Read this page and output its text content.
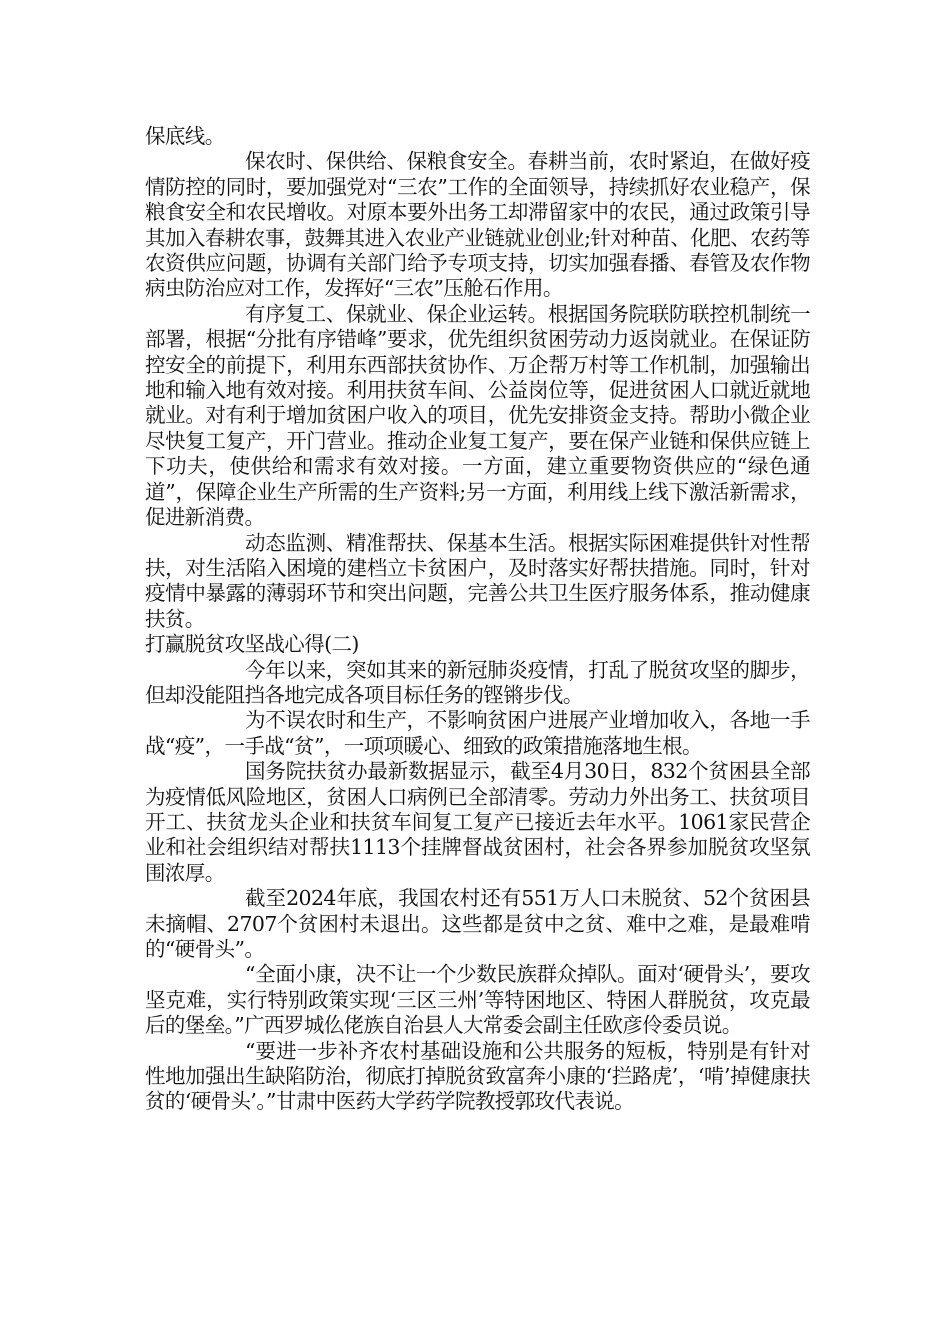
保底线。

保农时、保供给、保粮食安全。春耕当前，农时紧迫，在做好疫情防控的同时，要加强党对“三农”工作的全面领导，持续抓好农业稳产，保粮食安全和农民增收。对原本要外出务工却滞留家中的农民，通过政策引导其加入春耕农事，鼓舞其进入农业产业链就业创业;针对种苗、化肥、农药等农资供应问题，协调有关部门给予专项支持，切实加强春播、春管及农作物病虫防治应对工作，发挥好“三农”压舱石作用。

有序复工、保就业、保企业运转。根据国务院联防联控机制统一部署，根据“分批有序错峰”要求，优先组织贫困劳动力返岗就业。在保证防控安全的前提下，利用东西部扶贫协作、万企帮万村等工作机制，加强输出地和输入地有效对接。利用扶贫车间、公益岗位等，促进贫困人口就近就地就业。对有利于增加贫困户收入的项目，优先安排资金支持。帮助小微企业尽快复工复产，开门营业。推动企业复工复产，要在保产业链和保供应链上下功夫，使供给和需求有效对接。一方面，建立重要物资供应的“绿色通道”，保障企业生产所需的生产资料;另一方面，利用线上线下激活新需求，促进新消费。

动态监测、精准帮扶、保基本生活。根据实际困难提供针对性帮扶，对生活陷入困境的建档立卡贫困户，及时落实好帮扶措施。同时，针对疫情中暴露的薄弱环节和突出问题，完善公共卫生医疗服务体系，推动健康扶贫。

打赢脱贫攻坚战心得(二)

今年以来，突如其来的新冠肺炎疫情，打乱了脱贫攻坚的脚步，但却没能阻挡各地完成各项目标任务的铿锵步伐。

为不误农时和生产，不影响贫困户进展产业增加收入，各地一手战“疫”，一手战“贫”，一项项暖心、细致的政策措施落地生根。

国务院扶贫办最新数据显示，截至4月30日，832个贫困县全部为疫情低风险地区，贫困人口病例已全部清零。劳动力外出务工、扶贫项目开工、扶贫龙头企业和扶贫车间复工复产已接近去年水平。1061家民营企业和社会组织结对帮扶1113个挂牌督战贫困村，社会各界参加脱贫攻坚氛围浓厚。

截至2024年底，我国农村还有551万人口未脱贫、52个贫困县未摘帽、2707个贫困村未退出。这些都是贫中之贫、难中之难，是最难啃的“硬骨头”。

“全面小康，决不让一个少数民族群众掉队。面对‘硬骨头’，要攻坚克难，实行特别政策实现‘三区三州’等特困地区、特困人群脱贫，攻克最后的堡垒。”广西罗城仫佬族自治县人大常委会副主任欧彦伶委员说。

“要进一步补齐农村基础设施和公共服务的短板，特别是有针对性地加强出生缺陷防治，彻底打掉脱贫致富奔小康的‘拦路虎’，‘啃’掉健康扶贫的‘硬骨头’。”甘肃中医药大学药学院教授郭玫代表说。
